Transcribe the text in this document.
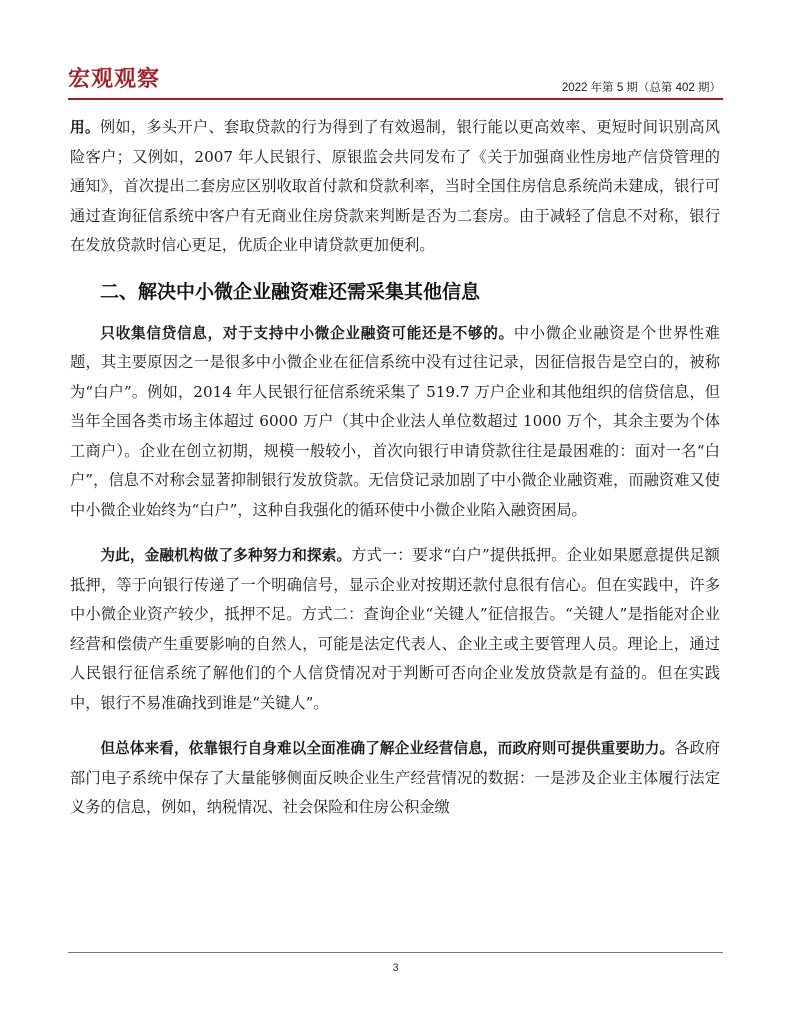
宏观观察	2022 年第 5 期（总第 402 期）

用。例如，多头开户、套取贷款的行为得到了有效遏制，银行能以更高效率、更短时间识别高风险客户；又例如，2007 年人民银行、原银监会共同发布了《关于加强商业性房地产信贷管理的通知》，首次提出二套房应区别收取首付款和贷款利率，当时全国住房信息系统尚未建成，银行可通过查询征信系统中客户有无商业住房贷款来判断是否为二套房。由于减轻了信息不对称，银行在发放贷款时信心更足，优质企业申请贷款更加便利。

二、解决中小微企业融资难还需采集其他信息

只收集信贷信息，对于支持中小微企业融资可能还是不够的。中小微企业融资是个世界性难题，其主要原因之一是很多中小微企业在征信系统中没有过往记录，因征信报告是空白的，被称为“白户”。例如，2014 年人民银行征信系统采集了 519.7 万户企业和其他组织的信贷信息，但当年全国各类市场主体超过 6000 万户（其中企业法人单位数超过 1000 万个，其余主要为个体工商户）。企业在创立初期，规模一般较小，首次向银行申请贷款往往是最困难的：面对一名“白户”，信息不对称会显著抑制银行发放贷款。无信贷记录加剧了中小微企业融资难，而融资难又使中小微企业始终为“白户”，这种自我强化的循环使中小微企业陷入融资困局。

为此，金融机构做了多种努力和探索。方式一：要求“白户”提供抵押。企业如果愿意提供足额抵押，等于向银行传递了一个明确信号，显示企业对按期还款付息很有信心。但在实践中，许多中小微企业资产较少，抵押不足。方式二：查询企业“关键人”征信报告。“关键人”是指能对企业经营和偿债产生重要影响的自然人，可能是法定代表人、企业主或主要管理人员。理论上，通过人民银行征信系统了解他们的个人信贷情况对于判断可否向企业发放贷款是有益的。但在实践中，银行不易准确找到谁是“关键人”。

但总体来看，依靠银行自身难以全面准确了解企业经营信息，而政府则可提供重要助力。各政府部门电子系统中保存了大量能够侧面反映企业生产经营情况的数据：一是涉及企业主体履行法定义务的信息，例如，纳税情况、社会保险和住房公积金缴

3
